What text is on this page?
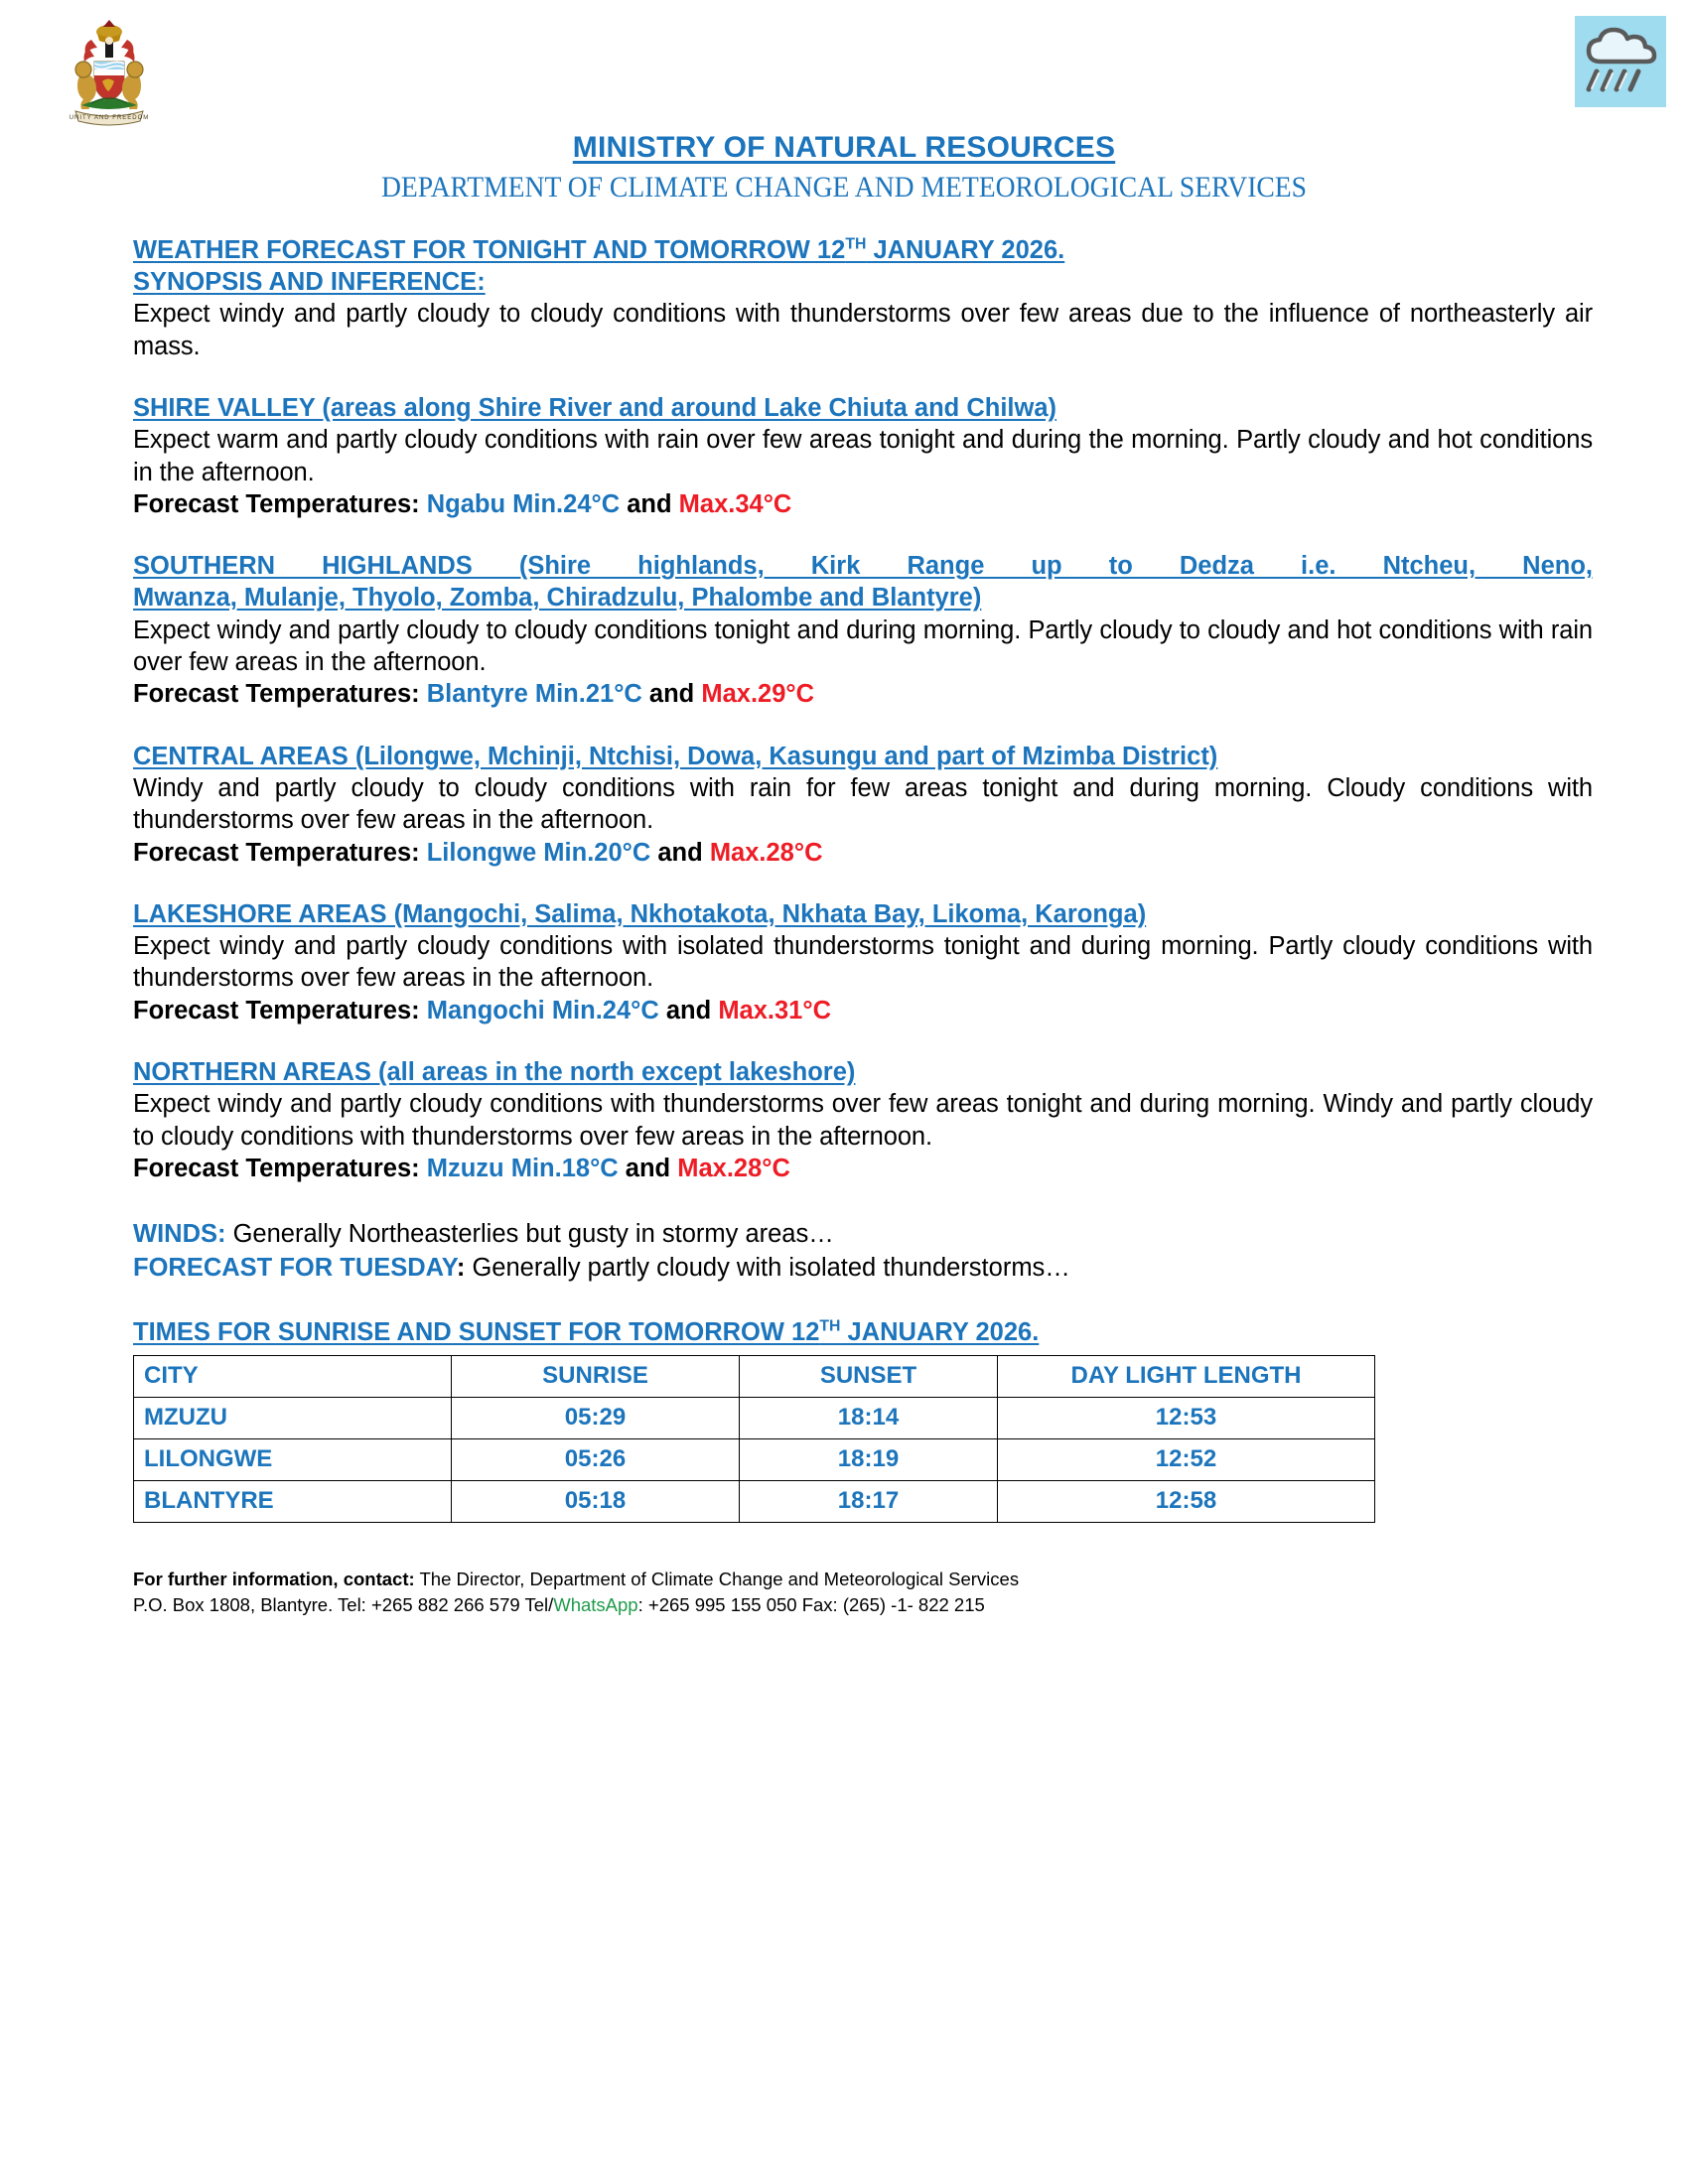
UNITY AND FREEDOM
MINISTRY OF NATURAL RESOURCES
DEPARTMENT OF CLIMATE CHANGE AND METEOROLOGICAL SERVICES
WEATHER FORECAST FOR TONIGHT AND TOMORROW 12TH JANUARY 2026.
SYNOPSIS AND INFERENCE:

Expect windy and partly cloudy to cloudy conditions with thunderstorms over few areas due to the influence of northeasterly air mass.

SHIRE VALLEY (areas along Shire River and around Lake Chiuta and Chilwa)

Expect warm and partly cloudy conditions with rain over few areas tonight and during the morning. Partly cloudy and hot conditions in the afternoon.

Forecast Temperatures: Ngabu Min.24°C and Max.34°C

SOUTHERN HIGHLANDS (Shire highlands, Kirk Range up to Dedza i.e. Ntcheu, Neno,
Mwanza, Mulanje, Thyolo, Zomba, Chiradzulu, Phalombe and Blantyre)

Expect windy and partly cloudy to cloudy conditions tonight and during morning. Partly cloudy to cloudy and hot conditions with rain over few areas in the afternoon.

Forecast Temperatures: Blantyre Min.21°C and Max.29°C

CENTRAL AREAS (Lilongwe, Mchinji, Ntchisi, Dowa, Kasungu and part of Mzimba District)

Windy and partly cloudy to cloudy conditions with rain for few areas tonight and during morning. Cloudy conditions with thunderstorms over few areas in the afternoon.

Forecast Temperatures: Lilongwe Min.20°C and Max.28°C

LAKESHORE AREAS (Mangochi, Salima, Nkhotakota, Nkhata Bay, Likoma, Karonga)

Expect windy and partly cloudy conditions with isolated thunderstorms tonight and during morning. Partly cloudy conditions with thunderstorms over few areas in the afternoon.

Forecast Temperatures: Mangochi Min.24°C and Max.31°C

NORTHERN AREAS (all areas in the north except lakeshore)

Expect windy and partly cloudy conditions with thunderstorms over few areas tonight and during morning. Windy and partly cloudy to cloudy conditions with thunderstorms over few areas in the afternoon.

Forecast Temperatures: Mzuzu Min.18°C and Max.28°C

WINDS: Generally Northeasterlies but gusty in stormy areas…
FORECAST FOR TUESDAY: Generally partly cloudy with isolated thunderstorms…
TIMES FOR SUNRISE AND SUNSET FOR TOMORROW 12TH JANUARY 2026.
CITY	SUNRISE	SUNSET	DAY LIGHT LENGTH
MZUZU	05:29	18:14	12:53
LILONGWE	05:26	18:19	12:52
BLANTYRE	05:18	18:17	12:58
For further information, contact: The Director, Department of Climate Change and Meteorological Services
P.O. Box 1808, Blantyre. Tel: +265 882 266 579 Tel/WhatsApp: +265 995 155 050 Fax: (265) -1- 822 215
